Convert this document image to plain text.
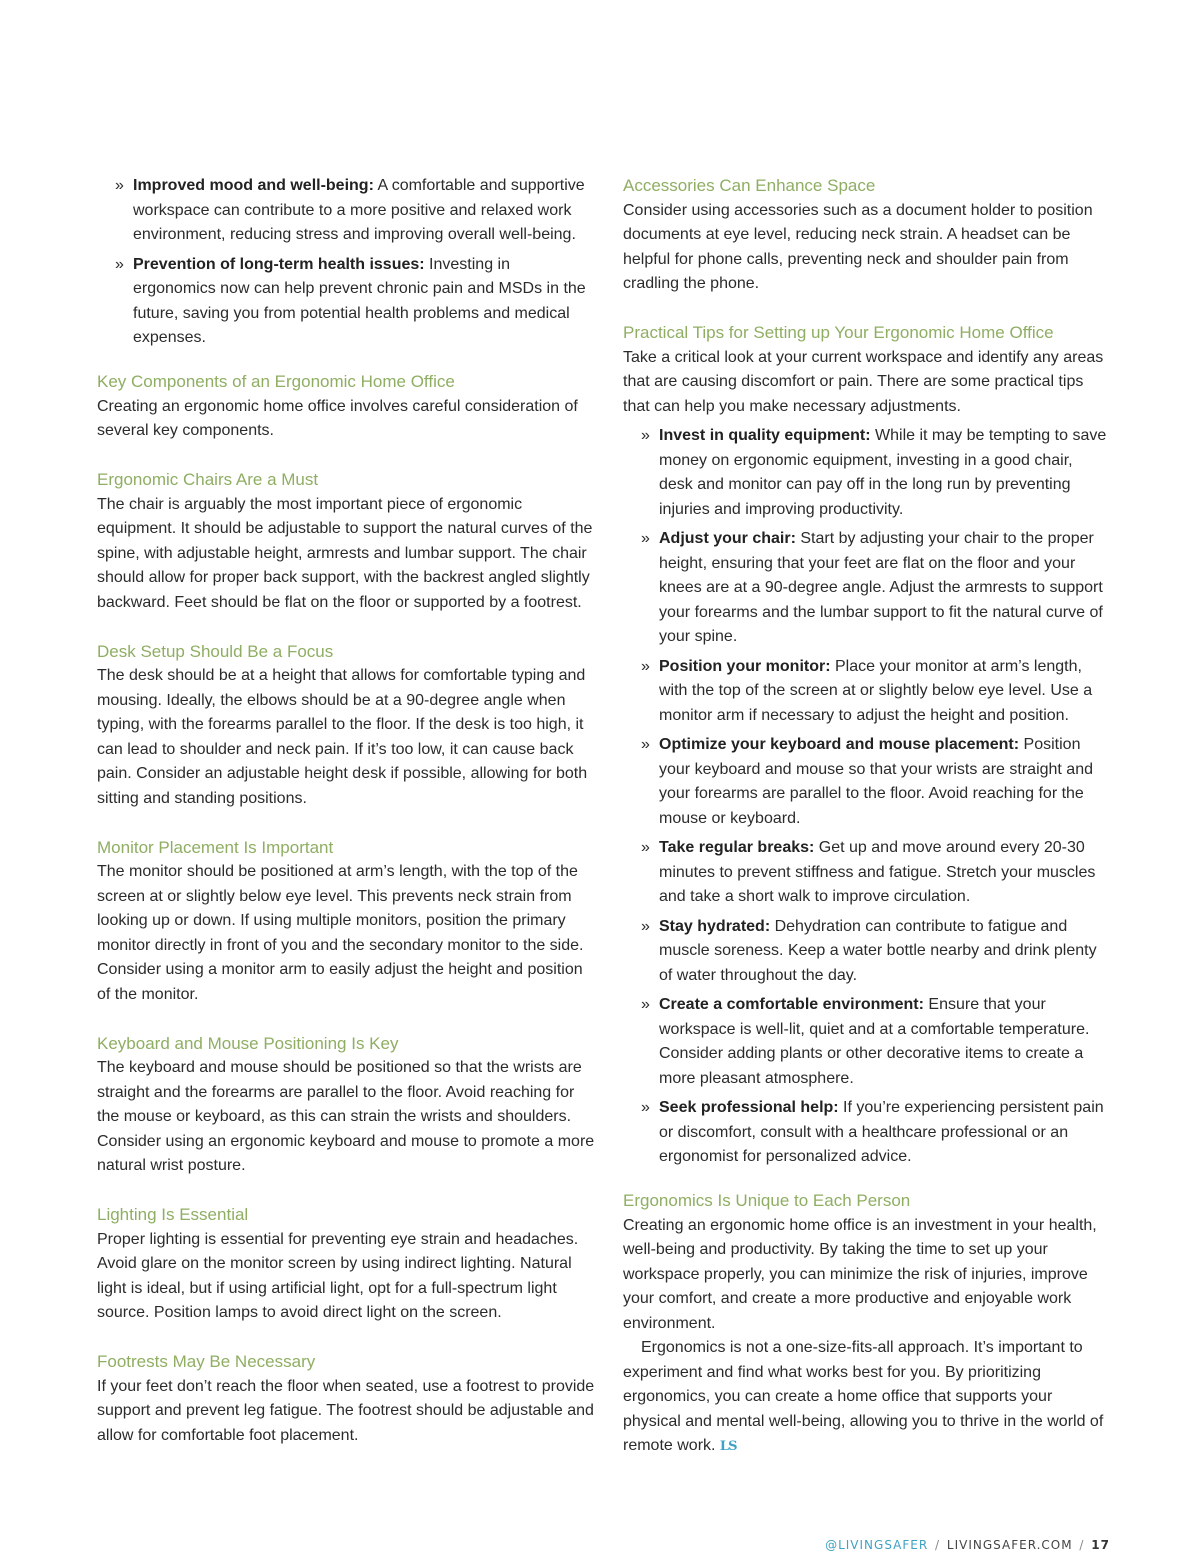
» Improved mood and well-being: A comfortable and supportive workspace can contribute to a more positive and relaxed work environment, reducing stress and improving overall well-being.

» Prevention of long-term health issues: Investing in ergonomics now can help prevent chronic pain and MSDs in the future, saving you from potential health problems and medical expenses.

Key Components of an Ergonomic Home Office

Creating an ergonomic home office involves careful consideration of several key components.

Ergonomic Chairs Are a Must

The chair is arguably the most important piece of ergonomic equipment. It should be adjustable to support the natural curves of the spine, with adjustable height, armrests and lumbar support. The chair should allow for proper back support, with the backrest angled slightly backward. Feet should be flat on the floor or supported by a footrest.

Desk Setup Should Be a Focus

The desk should be at a height that allows for comfortable typing and mousing. Ideally, the elbows should be at a 90-degree angle when typing, with the forearms parallel to the floor. If the desk is too high, it can lead to shoulder and neck pain. If it’s too low, it can cause back pain. Consider an adjustable height desk if possible, allowing for both sitting and standing positions.

Monitor Placement Is Important

The monitor should be positioned at arm’s length, with the top of the screen at or slightly below eye level. This prevents neck strain from looking up or down. If using multiple monitors, position the primary monitor directly in front of you and the secondary monitor to the side. Consider using a monitor arm to easily adjust the height and position of the monitor.

Keyboard and Mouse Positioning Is Key

The keyboard and mouse should be positioned so that the wrists are straight and the forearms are parallel to the floor. Avoid reaching for the mouse or keyboard, as this can strain the wrists and shoulders. Consider using an ergonomic keyboard and mouse to promote a more natural wrist posture.

Lighting Is Essential

Proper lighting is essential for preventing eye strain and headaches. Avoid glare on the monitor screen by using indirect lighting. Natural light is ideal, but if using artificial light, opt for a full-spectrum light source. Position lamps to avoid direct light on the screen.

Footrests May Be Necessary

If your feet don’t reach the floor when seated, use a footrest to provide support and prevent leg fatigue. The footrest should be adjustable and allow for comfortable foot placement.

Accessories Can Enhance Space

Consider using accessories such as a document holder to position documents at eye level, reducing neck strain. A headset can be helpful for phone calls, preventing neck and shoulder pain from cradling the phone.

Practical Tips for Setting up Your Ergonomic Home Office

Take a critical look at your current workspace and identify any areas that are causing discomfort or pain. There are some practical tips that can help you make necessary adjustments.

» Invest in quality equipment: While it may be tempting to save money on ergonomic equipment, investing in a good chair, desk and monitor can pay off in the long run by preventing injuries and improving productivity.

» Adjust your chair: Start by adjusting your chair to the proper height, ensuring that your feet are flat on the floor and your knees are at a 90-degree angle. Adjust the armrests to support your forearms and the lumbar support to fit the natural curve of your spine.

» Position your monitor: Place your monitor at arm’s length, with the top of the screen at or slightly below eye level. Use a monitor arm if necessary to adjust the height and position.

» Optimize your keyboard and mouse placement: Position your keyboard and mouse so that your wrists are straight and your forearms are parallel to the floor. Avoid reaching for the mouse or keyboard.

» Take regular breaks: Get up and move around every 20-30 minutes to prevent stiffness and fatigue. Stretch your muscles and take a short walk to improve circulation.

» Stay hydrated: Dehydration can contribute to fatigue and muscle soreness. Keep a water bottle nearby and drink plenty of water throughout the day.

» Create a comfortable environment: Ensure that your workspace is well-lit, quiet and at a comfortable temperature. Consider adding plants or other decorative items to create a more pleasant atmosphere.

» Seek professional help: If you’re experiencing persistent pain or discomfort, consult with a healthcare professional or an ergonomist for personalized advice.

Ergonomics Is Unique to Each Person

Creating an ergonomic home office is an investment in your health, well-being and productivity. By taking the time to set up your workspace properly, you can minimize the risk of injuries, improve your comfort, and create a more productive and enjoyable work environment.

Ergonomics is not a one-size-fits-all approach. It’s important to experiment and find what works best for you. By prioritizing ergonomics, you can create a home office that supports your physical and mental well-being, allowing you to thrive in the world of remote work. LS

@LIVINGSAFER / LIVINGSAFER.COM / 17
